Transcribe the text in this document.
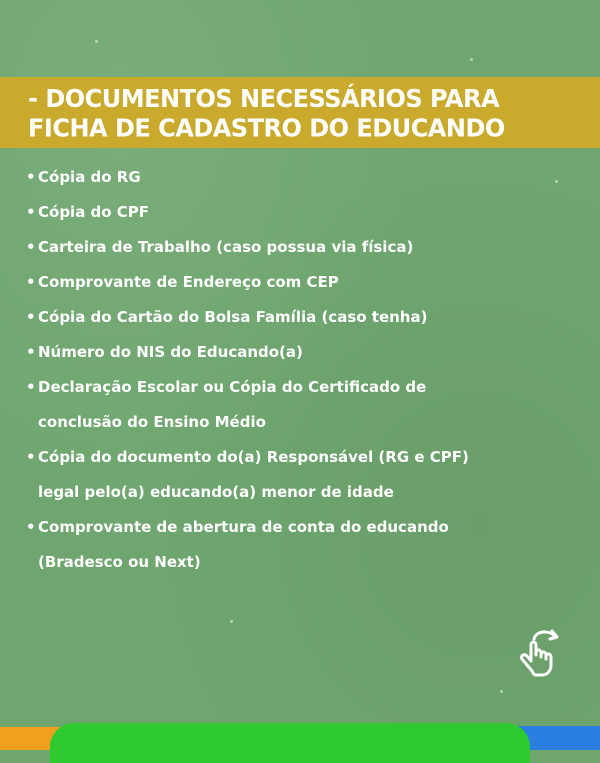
- DOCUMENTOS NECESSÁRIOS PARA
FICHA DE CADASTRO DO EDUCANDO
• Cópia do RG
• Cópia do CPF
• Carteira de Trabalho (caso possua via física)
• Comprovante de Endereço com CEP
• Cópia do Cartão do Bolsa Família (caso tenha)
• Número do NIS do Educando(a)
• Declaração Escolar ou Cópia do Certificado de
conclusão do Ensino Médio
• Cópia do documento do(a) Responsável (RG e CPF)
legal pelo(a) educando(a) menor de idade
• Comprovante de abertura de conta do educando
(Bradesco ou Next)
